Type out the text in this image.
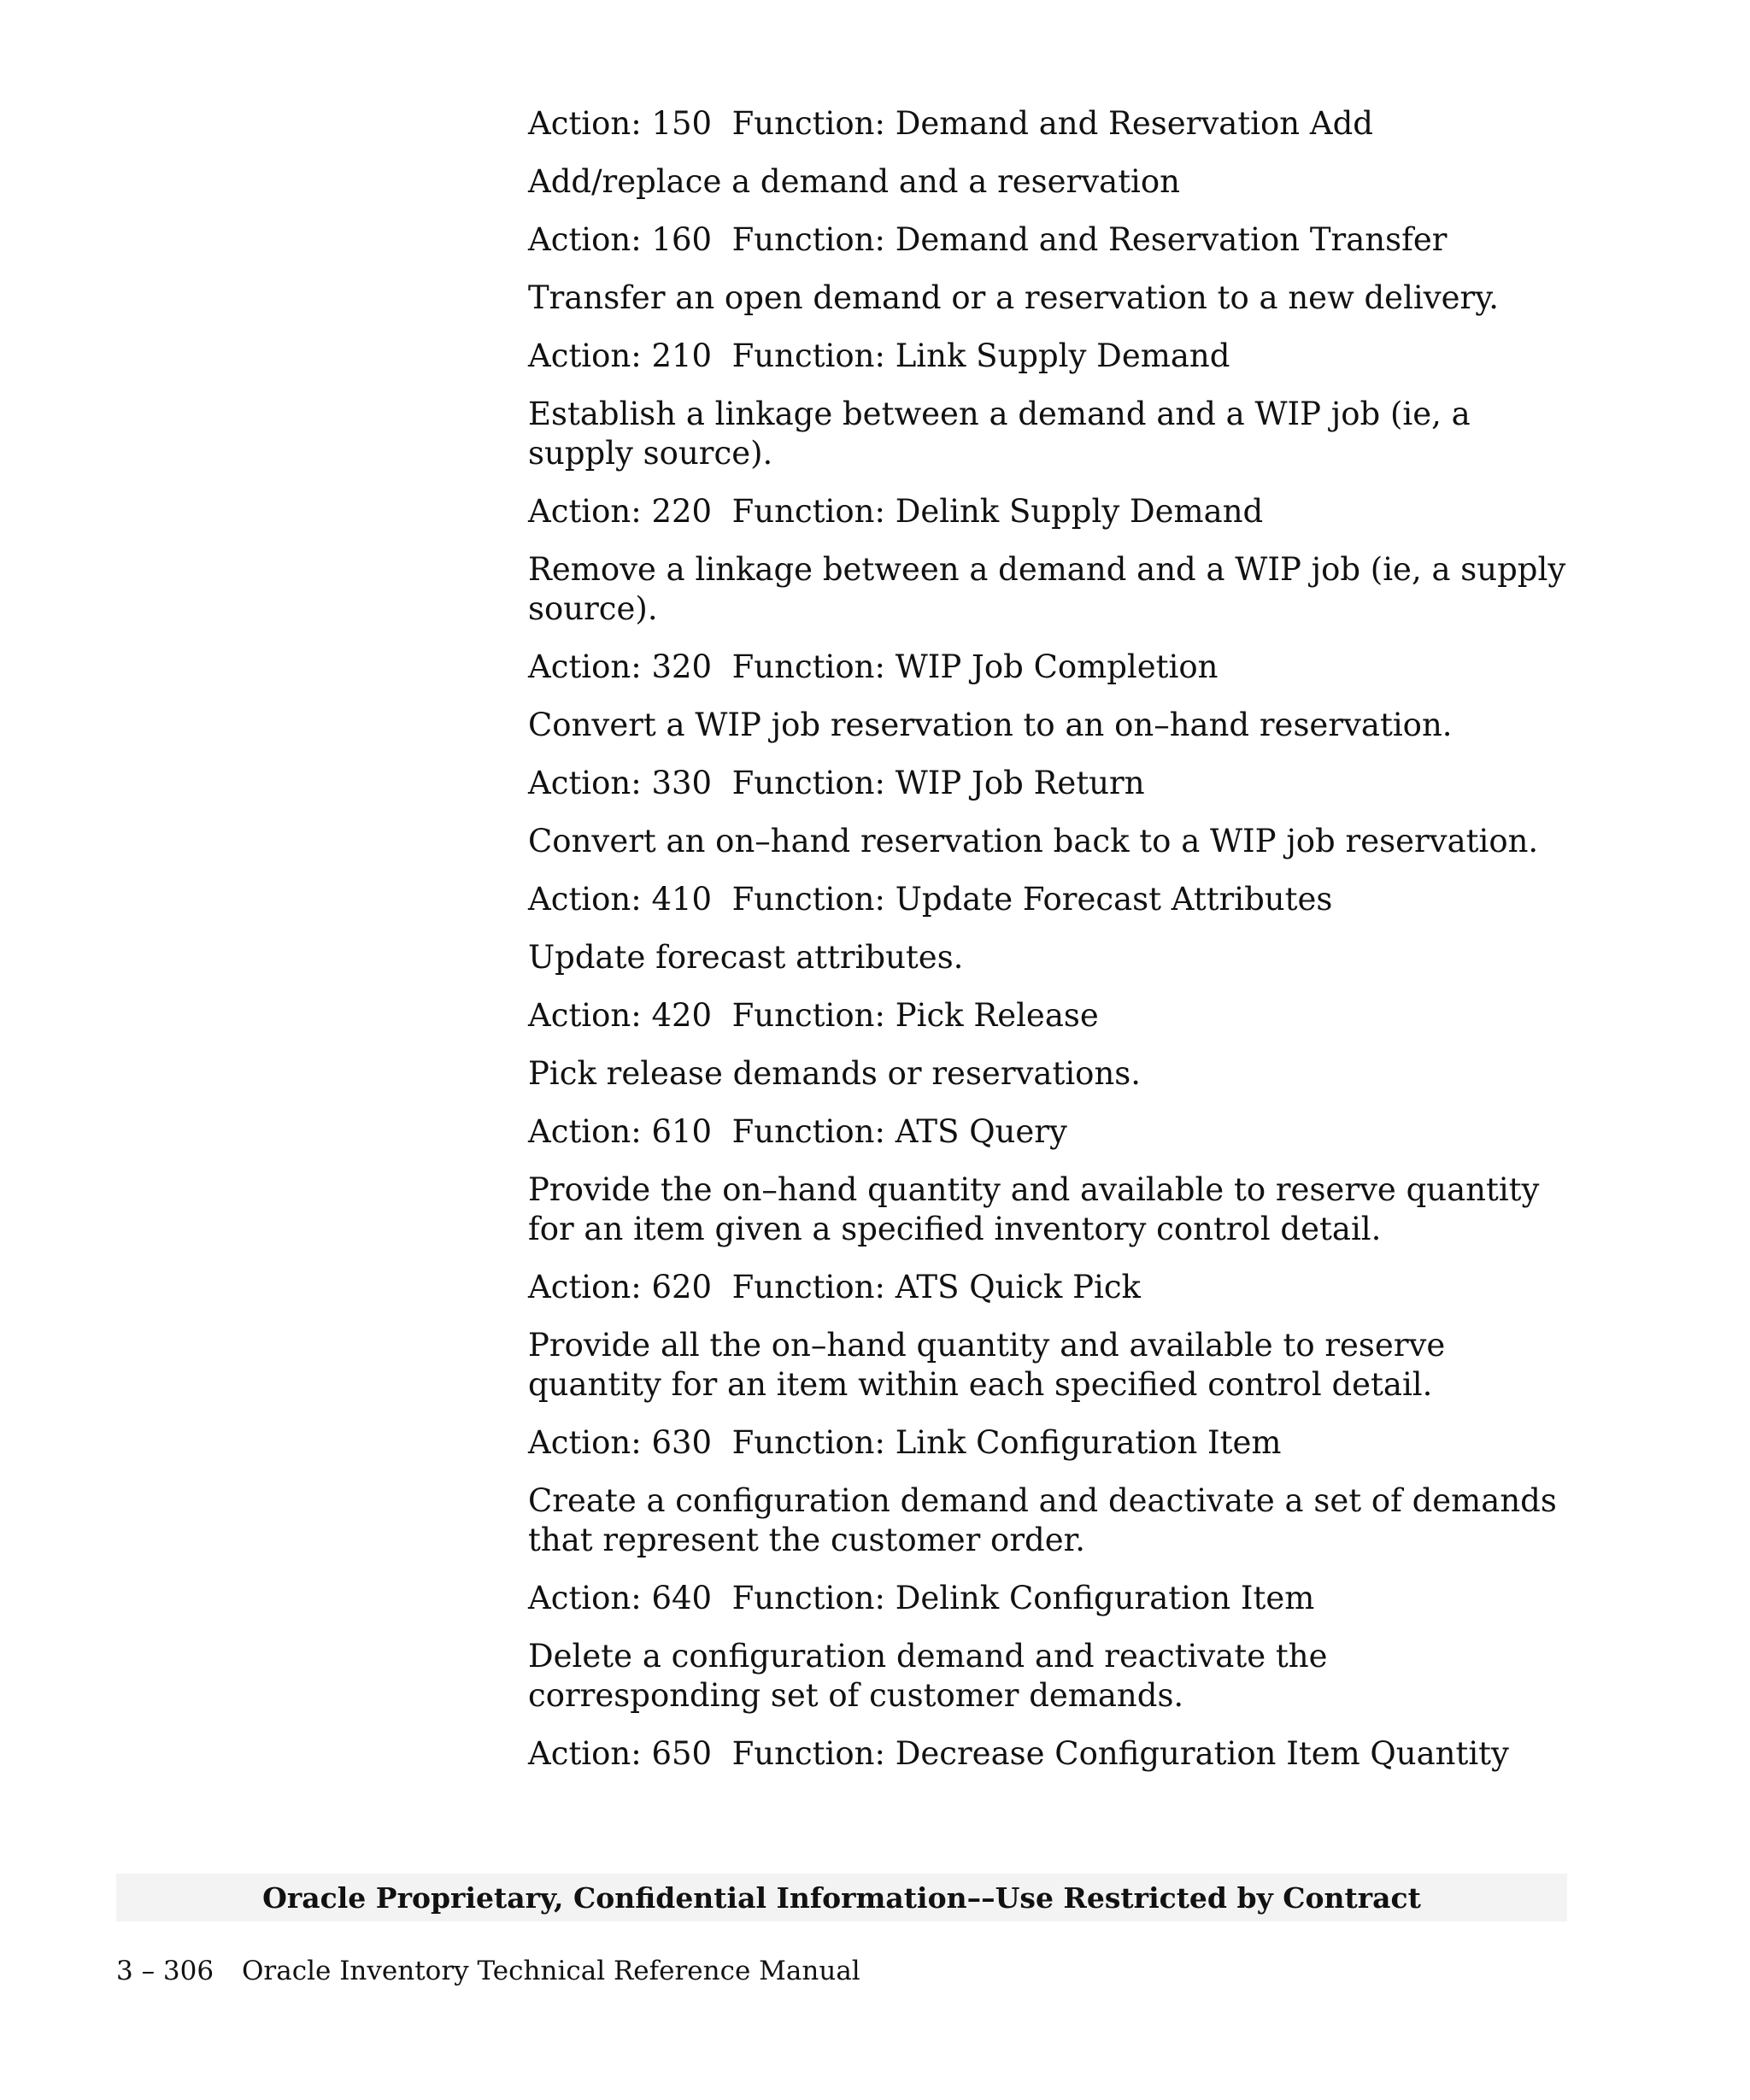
Action: 150  Function: Demand and Reservation Add
Add/replace a demand and a reservation
Action: 160  Function: Demand and Reservation Transfer
Transfer an open demand or a reservation to a new delivery.
Action: 210  Function: Link Supply Demand
Establish a linkage between a demand and a WIP job (ie, a supply source).
Action: 220  Function: Delink Supply Demand
Remove a linkage between a demand and a WIP job (ie, a supply source).
Action: 320  Function: WIP Job Completion
Convert a WIP job reservation to an on–hand reservation.
Action: 330  Function: WIP Job Return
Convert an on–hand reservation back to a WIP job reservation.
Action: 410  Function: Update Forecast Attributes
Update forecast attributes.
Action: 420  Function: Pick Release
Pick release demands or reservations.
Action: 610  Function: ATS Query
Provide the on–hand quantity and available to reserve quantity for an item given a specified inventory control detail.
Action: 620  Function: ATS Quick Pick
Provide all the on–hand quantity and available to reserve quantity for an item within each specified control detail.
Action: 630  Function: Link Configuration Item
Create a configuration demand and deactivate a set of demands that represent the customer order.
Action: 640  Function: Delink Configuration Item
Delete a configuration demand and reactivate the corresponding set of customer demands.
Action: 650  Function: Decrease Configuration Item Quantity
Oracle Proprietary, Confidential Information––Use Restricted by Contract
3 – 306 Oracle Inventory Technical Reference Manual
